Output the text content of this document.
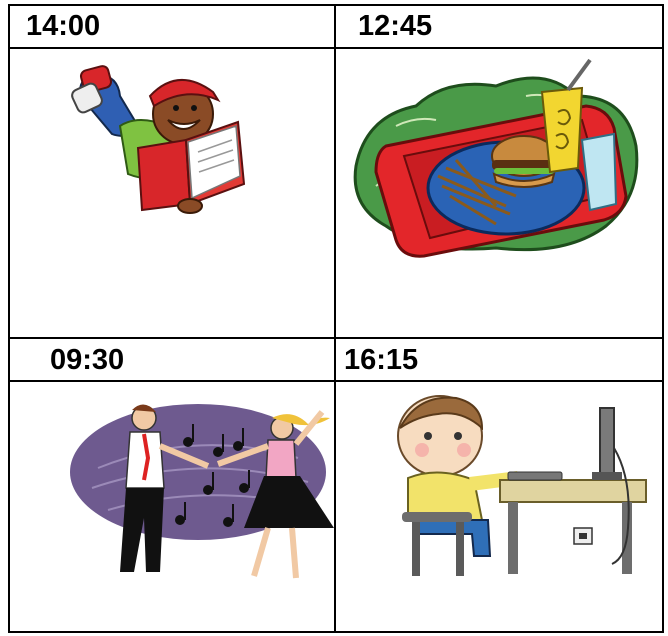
14:00	12:45
09:30	16:15
